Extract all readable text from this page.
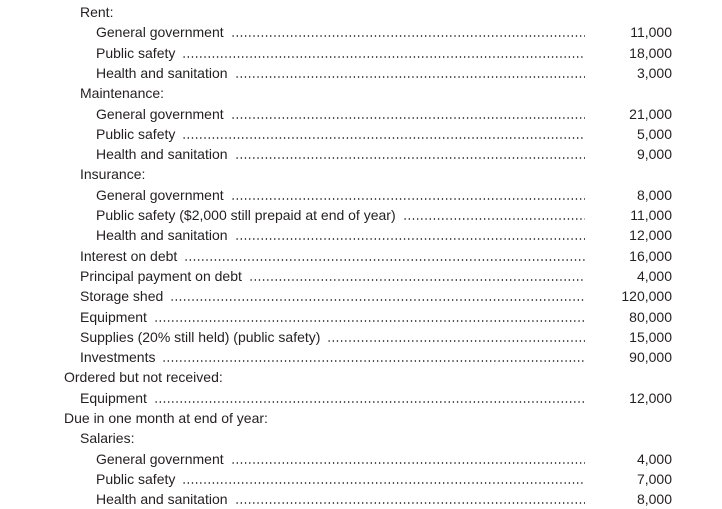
Rent:
General government	11,000
Public safety	18,000
Health and sanitation	3,000
Maintenance:
General government	21,000
Public safety	5,000
Health and sanitation	9,000
Insurance:
General government	8,000
Public safety ($2,000 still prepaid at end of year)	11,000
Health and sanitation	12,000
Interest on debt	16,000
Principal payment on debt	4,000
Storage shed	120,000
Equipment	80,000
Supplies (20% still held) (public safety)	15,000
Investments	90,000
Ordered but not received:
Equipment	12,000
Due in one month at end of year:
Salaries:
General government	4,000
Public safety	7,000
Health and sanitation	8,000
